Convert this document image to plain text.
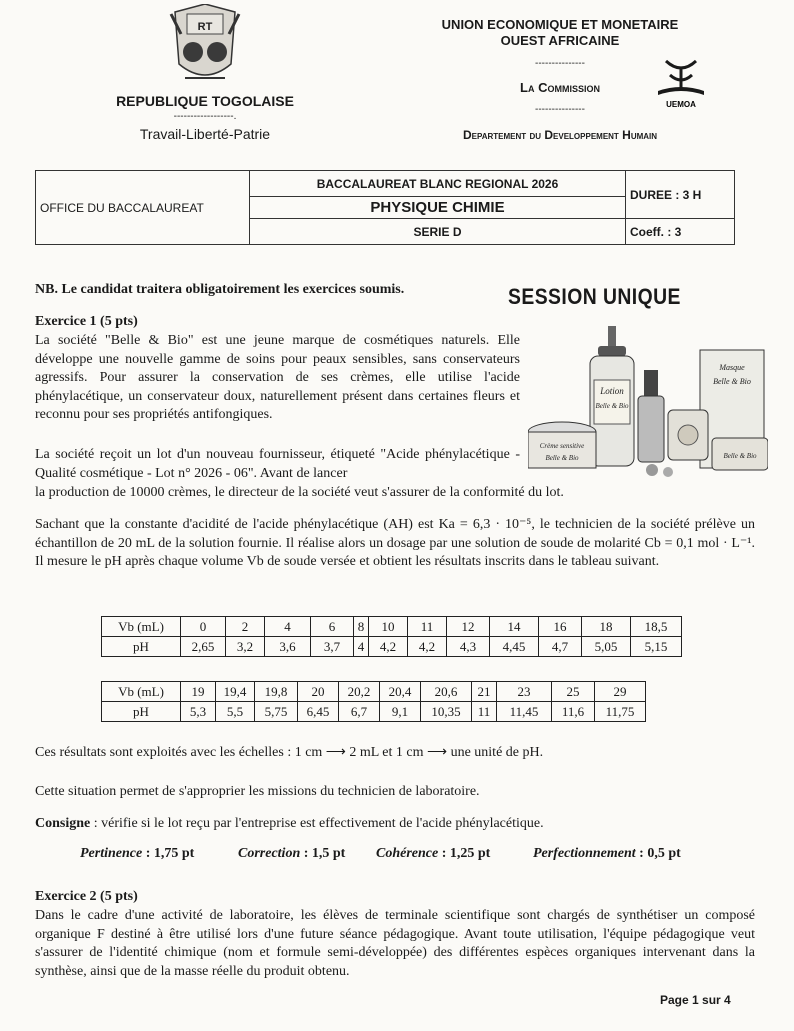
RT
REPUBLIQUE TOGOLAISE
------------------.
Travail-Liberté-Patrie
UNION ECONOMIQUE ET MONETAIRE
OUEST AFRICAINE
---------------
La Commission
---------------
Departement du Developpement Humain
UEMOA
OFFICE DU BACCALAUREAT	BACCALAUREAT BLANC REGIONAL 2026	DUREE : 3 H
	PHYSIQUE CHIMIE	
	SERIE D	Coeff. : 3
NB. Le candidat traitera obligatoirement les exercices soumis.	SESSION UNIQUE
Exercice 1 (5 pts)

La société "Belle & Bio" est une jeune marque de cosmétiques naturels. Elle développe une nouvelle gamme de soins pour peaux sensibles, sans conservateurs agressifs. Pour assurer la conservation de ses crèmes, elle utilise l'acide phénylacétique, un conservateur doux, naturellement présent dans certaines fleurs et reconnu pour ses propriétés antifongiques.

La société reçoit un lot d'un nouveau fournisseur, étiqueté "Acide phénylacétique - Qualité cosmétique - Lot n° 2026 - 06". Avant de lancer

la production de 10000 crèmes, le directeur de la société veut s'assurer de la conformité du lot.

Lotion
Belle & Bio
Masque
Belle & Bio
Crème sensitive
Belle & Bio	Belle & Bio

Sachant que la constante d'acidité de l'acide phénylacétique (AH) est Ka = 6,3 · 10⁻⁵, le technicien de la société prélève un échantillon de 20 mL de la solution fournie. Il réalise alors un dosage par une solution de soude de molarité Cb = 0,1 mol · L⁻¹. Il mesure le pH après chaque volume Vb de soude versée et obtient les résultats inscrits dans le tableau suivant.

Vb (mL)	0	2	4	6	8	10	11	12	14	16	18	18,5
pH	2,65	3,2	3,6	3,7	4	4,2	4,2	4,3	4,45	4,7	5,05	5,15
Vb (mL)	19	19,4	19,8	20	20,2	20,4	20,6	21	23	25	29
pH	5,3	5,5	5,75	6,45	6,7	9,1	10,35	11	11,45	11,6	11,75

Ces résultats sont exploités avec les échelles : 1 cm ⟶ 2 mL et 1 cm ⟶ une unité de pH.

Cette situation permet de s'approprier les missions du technicien de laboratoire.

Consigne : vérifie si le lot reçu par l'entreprise est effectivement de l'acide phénylacétique.

Pertinence : 1,75 pt	Correction : 1,5 pt Cohérence : 1,25 pt	Perfectionnement : 0,5 pt
Exercice 2 (5 pts)

Dans le cadre d'une activité de laboratoire, les élèves de terminale scientifique sont chargés de synthétiser un composé organique F destiné à être utilisé lors d'une future séance pédagogique. Avant toute utilisation, l'équipe pédagogique veut s'assurer de l'identité chimique (nom et formule semi-développée) des différentes espèces organiques intervenant dans la synthèse, ainsi que de la masse réelle du produit obtenu.

Page 1 sur 4
